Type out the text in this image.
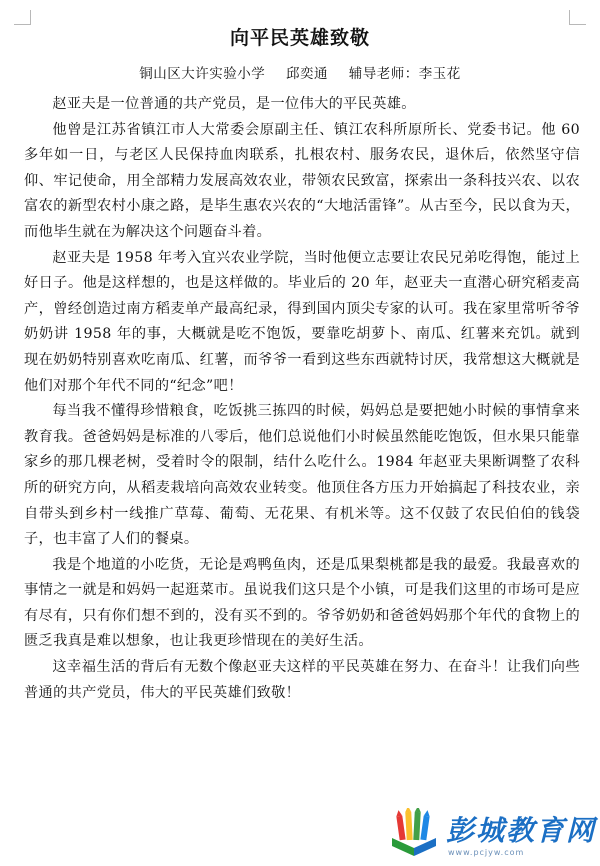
向平民英雄致敬
铜山区大许实验小学 邱奕通 辅导老师：李玉花

赵亚夫是一位普通的共产党员，是一位伟大的平民英雄。

他曾是江苏省镇江市人大常委会原副主任、镇江农科所原所长、党委书记。他 60 多年如一日，与老区人民保持血肉联系，扎根农村、服务农民，退休后，依然坚守信仰、牢记使命，用全部精力发展高效农业，带领农民致富，探索出一条科技兴农、以农富农的新型农村小康之路，是毕生惠农兴农的“大地活雷锋”。从古至今，民以食为天，而他毕生就在为解决这个问题奋斗着。

赵亚夫是 1958 年考入宜兴农业学院，当时他便立志要让农民兄弟吃得饱，能过上好日子。他是这样想的，也是这样做的。毕业后的 20 年，赵亚夫一直潜心研究稻麦高产，曾经创造过南方稻麦单产最高纪录，得到国内顶尖专家的认可。我在家里常听爷爷奶奶讲 1958 年的事，大概就是吃不饱饭，要靠吃胡萝卜、南瓜、红薯来充饥。就到现在奶奶特别喜欢吃南瓜、红薯，而爷爷一看到这些东西就特讨厌，我常想这大概就是他们对那个年代不同的“纪念”吧！

每当我不懂得珍惜粮食，吃饭挑三拣四的时候，妈妈总是要把她小时候的事情拿来教育我。爸爸妈妈是标准的八零后，他们总说他们小时候虽然能吃饱饭，但水果只能靠家乡的那几棵老树，受着时令的限制，结什么吃什么。1984 年赵亚夫果断调整了农科所的研究方向，从稻麦栽培向高效农业转变。他顶住各方压力开始搞起了科技农业，亲自带头到乡村一线推广草莓、葡萄、无花果、有机米等。这不仅鼓了农民伯伯的钱袋子，也丰富了人们的餐桌。

我是个地道的小吃货，无论是鸡鸭鱼肉，还是瓜果梨桃都是我的最爱。我最喜欢的事情之一就是和妈妈一起逛菜市。虽说我们这只是个小镇，可是我们这里的市场可是应有尽有，只有你们想不到的，没有买不到的。爷爷奶奶和爸爸妈妈那个年代的食物上的匮乏我真是难以想象，也让我更珍惜现在的美好生活。

这幸福生活的背后有无数个像赵亚夫这样的平民英雄在努力、在奋斗！让我们向些普通的共产党员，伟大的平民英雄们致敬！

彭城教育网
www.pcjyw.com
